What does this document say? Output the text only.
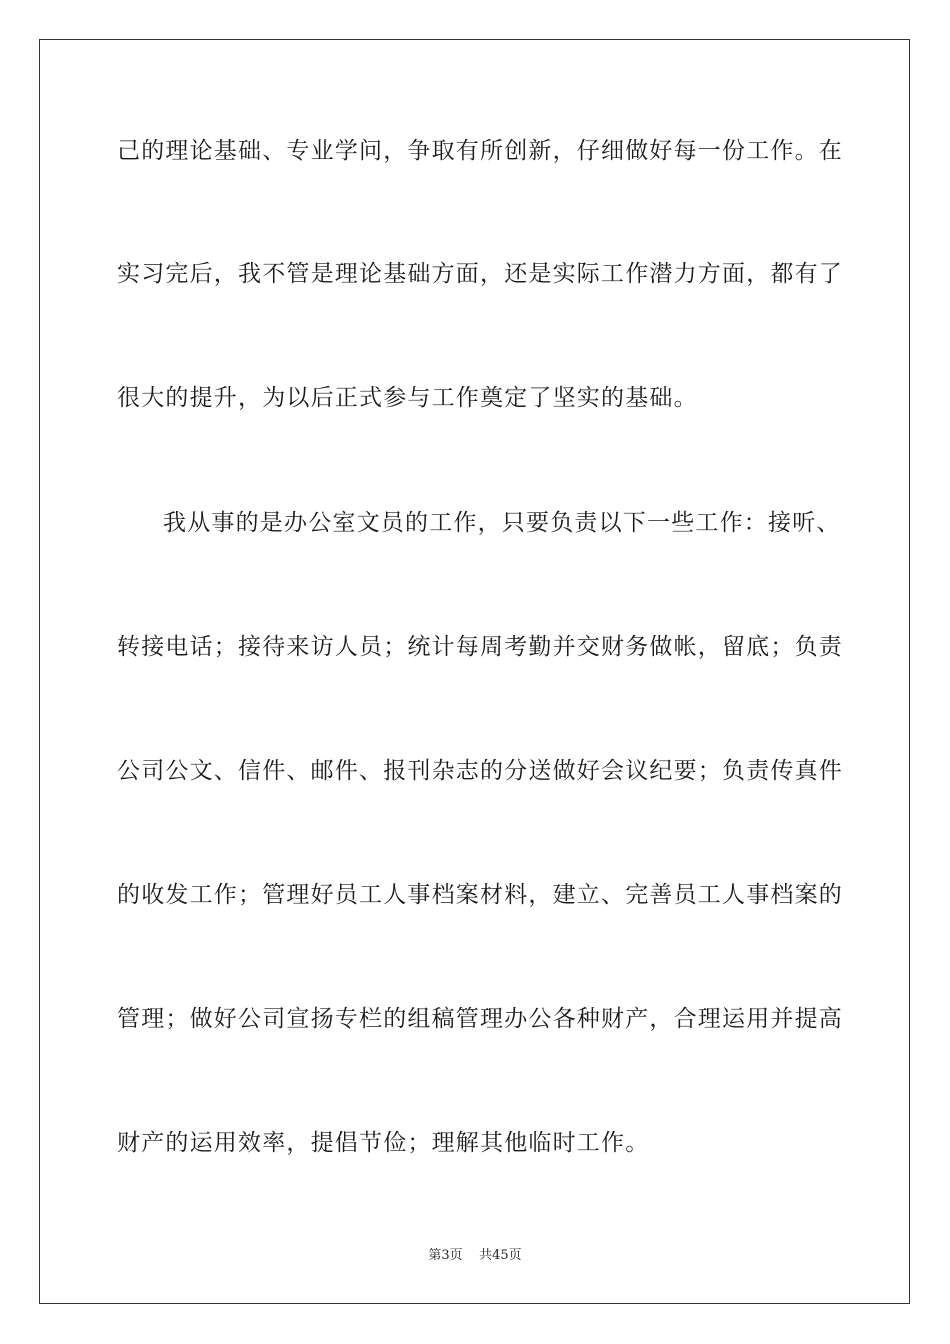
己的理论基础、专业学问，争取有所创新，仔细做好每一份工作。在
实习完后，我不管是理论基础方面，还是实际工作潜力方面，都有了
很大的提升，为以后正式参与工作奠定了坚实的基础。
我从事的是办公室文员的工作，只要负责以下一些工作：接听、
转接电话；接待来访人员；统计每周考勤并交财务做帐，留底；负责
公司公文、信件、邮件、报刊杂志的分送做好会议纪要；负责传真件
的收发工作；管理好员工人事档案材料，建立、完善员工人事档案的
管理；做好公司宣扬专栏的组稿管理办公各种财产，合理运用并提高
财产的运用效率，提倡节俭；理解其他临时工作。
第3页 共45页
